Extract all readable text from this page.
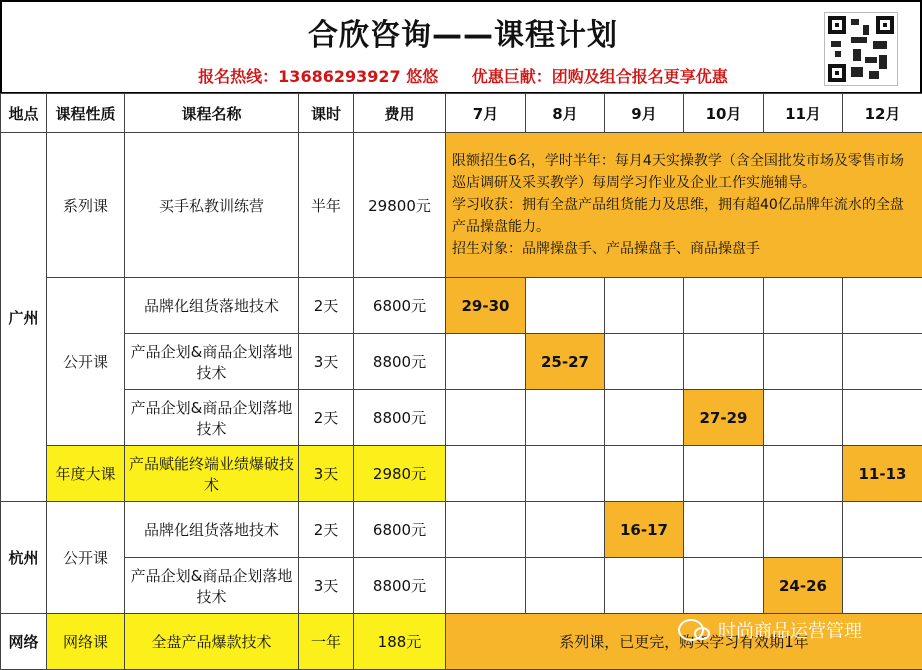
合欣咨询——课程计划
报名热线：13686293927 悠悠 优惠巨献：团购及组合报名更享优惠
地点	课程性质	课程名称	课时	费用	7月	8月	9月	10月	11月	12月
广州	系列课	买手私教训练营	半年	29800元	限额招生6名，学时半年：每月4天实操教学（含全国批发市场及零售市场巡店调研及采买教学）每周学习作业及企业工作实施辅导。
学习收获：拥有全盘产品组货能力及思维，拥有超40亿品牌年流水的全盘产品操盘能力。
招生对象：品牌操盘手、产品操盘手、商品操盘手					

	公开课	品牌化组货落地技术	2天	6800元	29-30					
		产品企划&商品企划落地技术	3天	8800元		25-27				
		产品企划&商品企划落地技术	2天	8800元				27-29		
	年度大课	产品赋能终端业绩爆破技术	3天	2980元						11-13
杭州	公开课	品牌化组货落地技术	2天	6800元			16-17			
		产品企划&商品企划落地技术	3天	8800元					24-26	
网络	网络课	全盘产品爆款技术	一年	188元	系列课，已更完，购买学习有效期1年					
时尚商品运营管理
